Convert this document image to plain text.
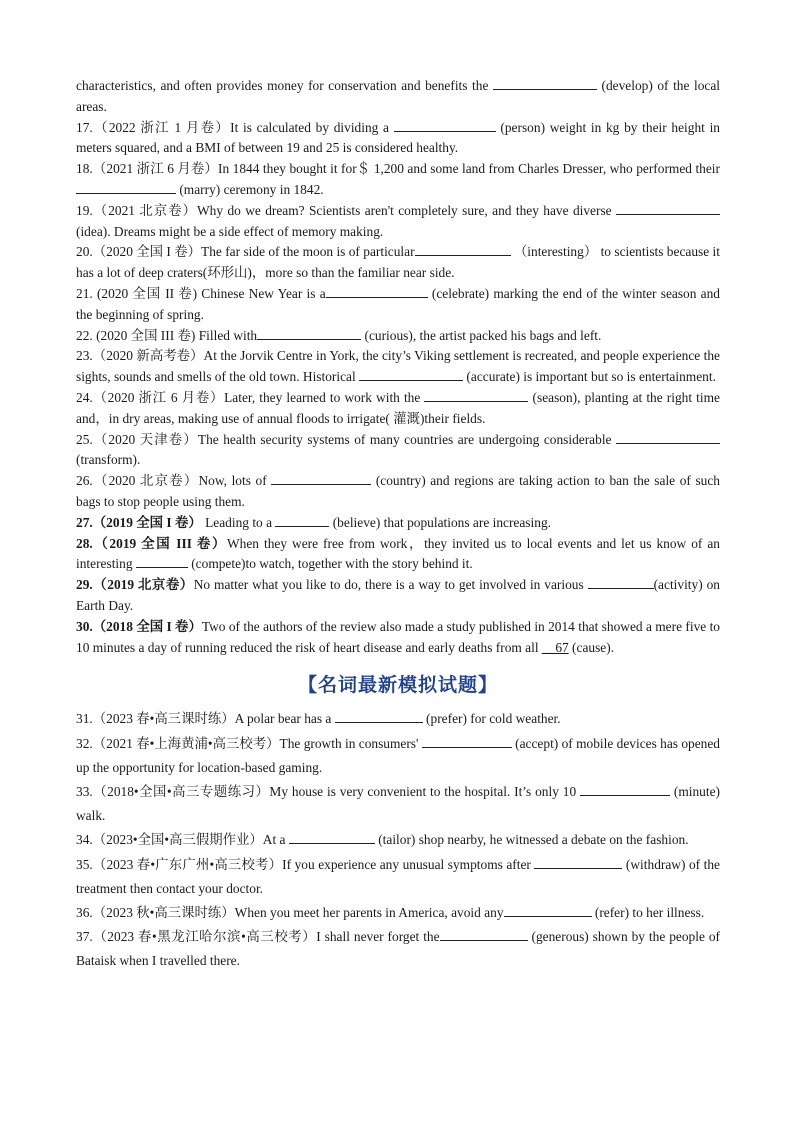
characteristics, and often provides money for conservation and benefits the	(develop) of the local areas.

17.（2022 浙江 1 月卷）It is calculated by dividing a	(person) weight in kg by their height in meters squared, and a BMI of between 19 and 25 is considered healthy.

18.（2021 浙江 6 月卷）In 1844 they bought it for＄ 1,200 and some land from Charles Dresser, who performed their  (marry) ceremony in 1842.

19.（2021 北京卷）Why do we dream? Scientists aren't completely sure, and they have diverse  (idea). Dreams might be a side effect of memory making.

20.（2020 全国 I 卷）The far side of the moon is of particular	（interesting） to scientists because it has a lot of deep craters(环形山)，more so than the familiar near side.

21. (2020 全国 II 卷) Chinese New Year is a	(celebrate) marking the end of the winter season and the beginning of spring.

22. (2020 全国 III 卷) Filled with	(curious), the artist packed his bags and left.

23.（2020 新高考卷）At the Jorvik Centre in York, the city’s Viking settlement is recreated, and people experience the sights, sounds and smells of the old town. Historical	(accurate) is important but so is entertainment.

24.（2020 浙江 6 月卷）Later, they learned to work with the	(season), planting at the right time and，in dry areas, making use of annual floods to irrigate( 灌溉)their fields.

25.（2020 天津卷）The health security systems of many countries are undergoing considerable  (transform).

26.（2020 北京卷）Now, lots of	(country) and regions are taking action to ban the sale of such bags to stop people using them.

27.（2019 全国 I 卷） Leading to a	(believe) that populations are increasing.

28.（2019 全国 III 卷）When they were free from work，they invited us to local events and let us know of an interesting	(compete)to watch, together with the story behind it.

29.（2019 北京卷）No matter what you like to do, there is a way to get involved in various	(activity) on Earth Day.

30.（2018 全国 I 卷）Two of the authors of the review also made a study published in 2014 that showed a mere five to 10 minutes a day of running reduced the risk of heart disease and early deaths from all __67 (cause).

【名词最新模拟试题】

31.（2023 春•高三课时练）A polar bear has a	(prefer) for cold weather.

32.（2021 春•上海黄浦•高三校考）The growth in consumers'	(accept) of mobile devices has opened up the opportunity for location-based gaming.

33.（2018•全国•高三专题练习）My house is very convenient to the hospital. It’s only 10	(minute) walk.

34.（2023•全国•高三假期作业）At a	(tailor) shop nearby, he witnessed a debate on the fashion.

35.（2023 春•广东广州•高三校考）If you experience any unusual symptoms after	(withdraw) of the treatment then contact your doctor.

36.（2023 秋•高三课时练）When you meet her parents in America, avoid any	(refer) to her illness.

37.（2023 春•黑龙江哈尔滨•高三校考）I shall never forget the	(generous) shown by the people of Bataisk when I travelled there.
